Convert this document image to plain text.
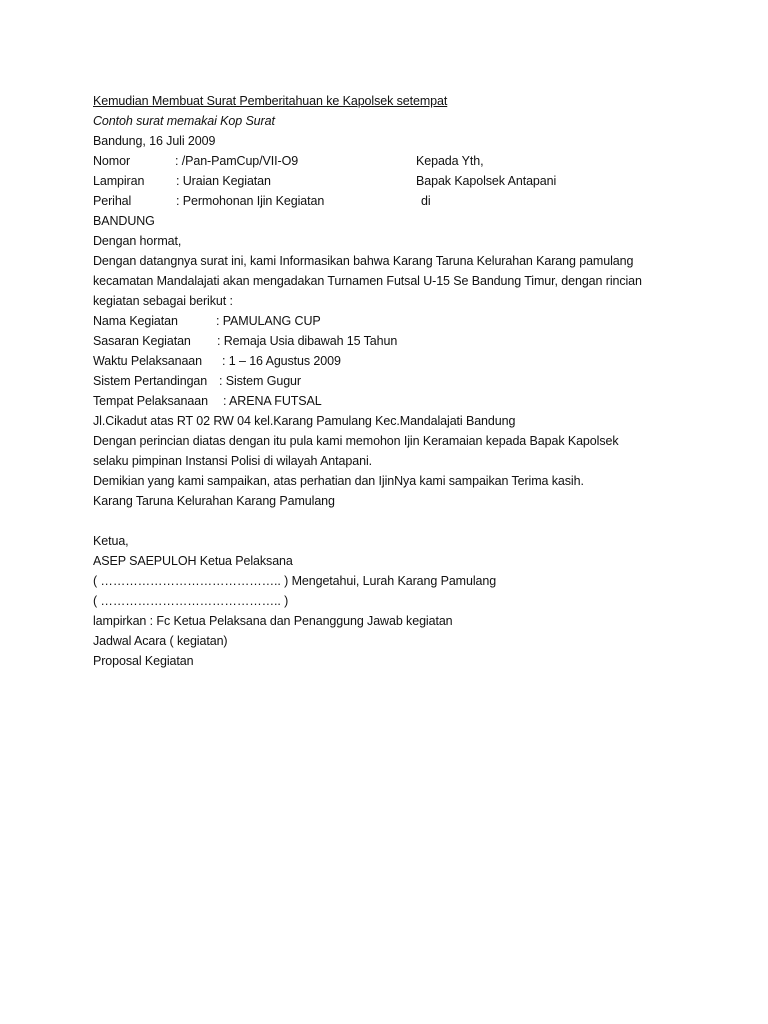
Kemudian Membuat Surat Pemberitahuan ke Kapolsek setempat
Contoh surat memakai Kop Surat
Bandung, 16 Juli 2009
Nomor	: /Pan-PamCup/VII-O9	Kepada Yth,
Lampiran	: Uraian Kegiatan	Bapak Kapolsek Antapani
Perihal	: Permohonan Ijin Kegiatan	di
BANDUNG
Dengan hormat,
Dengan datangnya surat ini, kami Informasikan bahwa Karang Taruna Kelurahan Karang pamulang
kecamatan Mandalajati akan mengadakan Turnamen Futsal U-15 Se Bandung Timur, dengan rincian
kegiatan sebagai berikut :
Nama Kegiatan	: PAMULANG CUP
Sasaran Kegiatan : Remaja Usia dibawah 15 Tahun
Waktu Pelaksanaan : 1 – 16 Agustus 2009
Sistem Pertandingan : Sistem Gugur
Tempat Pelaksanaan : ARENA FUTSAL
Jl.Cikadut atas RT 02 RW 04 kel.Karang Pamulang Kec.Mandalajati Bandung
Dengan perincian diatas dengan itu pula kami memohon Ijin Keramaian kepada Bapak Kapolsek
selaku pimpinan Instansi Polisi di wilayah Antapani.
Demikian yang kami sampaikan, atas perhatian dan IjinNya kami sampaikan Terima kasih.
Karang Taruna Kelurahan Karang Pamulang
Ketua,
ASEP SAEPULOH Ketua Pelaksana
( …………………………………….. ) Mengetahui, Lurah Karang Pamulang
( …………………………………….. )
lampirkan : Fc Ketua Pelaksana dan Penanggung Jawab kegiatan
Jadwal Acara ( kegiatan)
Proposal Kegiatan
